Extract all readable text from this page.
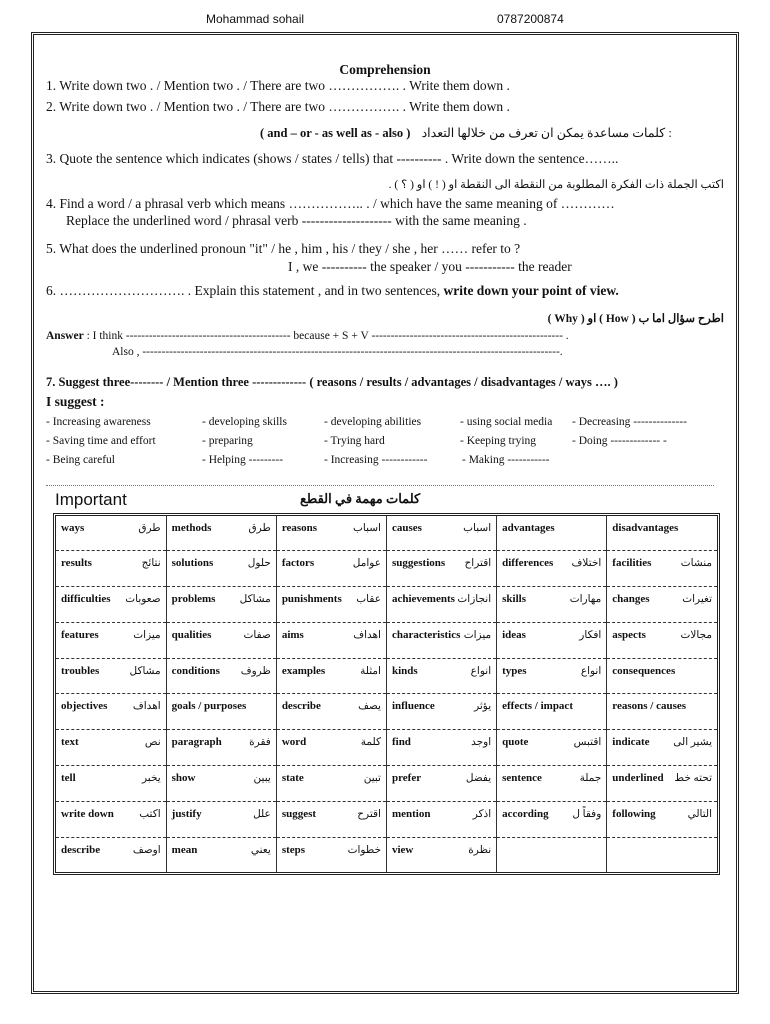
Mohammad sohail	0787200874
Comprehension
1. Write down two . / Mention two . / There are two ……………. . Write them down .
2. Write down two . / Mention two . / There are two ……………. . Write them down .
( and – or - as well as - also ) كلمات مساعدة يمكن ان تعرف من خلالها التعداد :
3. Quote the sentence which indicates (shows / states / tells) that ---------- . Write down the sentence……..
اكتب الجملة ذات الفكرة المطلوبة من النقطة الى النقطة او ( ! ) او ( ؟ ) .
4. Find a word / a phrasal verb which means …………….. . / which have the same meaning of …………
Replace the underlined word / phrasal verb -------------------- with the same meaning .
5. What does the underlined pronoun "it" / he , him , his / they / she , her …… refer to ?
I , we ---------- the speaker / you ----------- the reader
6. ………………………. . Explain this statement , and in two sentences, write down your point of view.
اطرح سؤال اما ب ( How ) او ( Why )
Answer : I think ------------------------------------------- because + S + V -------------------------------------------------- .
Also , -------------------------------------------------------------------------------------------------------------.
7. Suggest three-------- / Mention three ------------- ( reasons / results / advantages / disadvantages / ways …. )
I suggest :
- Increasing awareness	- developing skills	- developing abilities	- using social media - Decreasing --------------
- Saving time and effort	- preparing	- Trying hard	- Keeping trying	- Doing ------------- -
- Being careful	- Helping ---------	- Increasing ------------	- Making -----------
Important	كلمات مهمة في القطع
ways طرق	methods طرق	reasons اسباب	causes اسباب	advantages	disadvantages

results نتائج	solutions حلول	factors عوامل	suggestions اقتراح	differences اختلاف	facilities منشات

difficulties صعوبات	problems مشاكل	punishments عقاب	achievements انجازات	skills مهارات	changes تغيرات

features ميزات	qualities صفات	aims اهداف	characteristics ميزات	ideas افكار	aspects مجالات

troubles مشاكل	conditions ظروف	examples امثلة	kinds انواع	types انواع	consequences

objectives اهداف	goals / purposes	describe يصف	influence يؤثر	effects / impact	reasons / causes

text نص	paragraph فقرة	word كلمة	find اوجد	quote اقتبس	indicate يشير الى

tell يخبر	show يبين	state تبين	prefer يفضل	sentence جملة	underlined تحته خط

write down اكتب	justify علل	suggest اقترح	mention اذكر	according وفقاً ل	following التالي

describe اوصف	mean يعني	steps خطوات	view نظرة		
